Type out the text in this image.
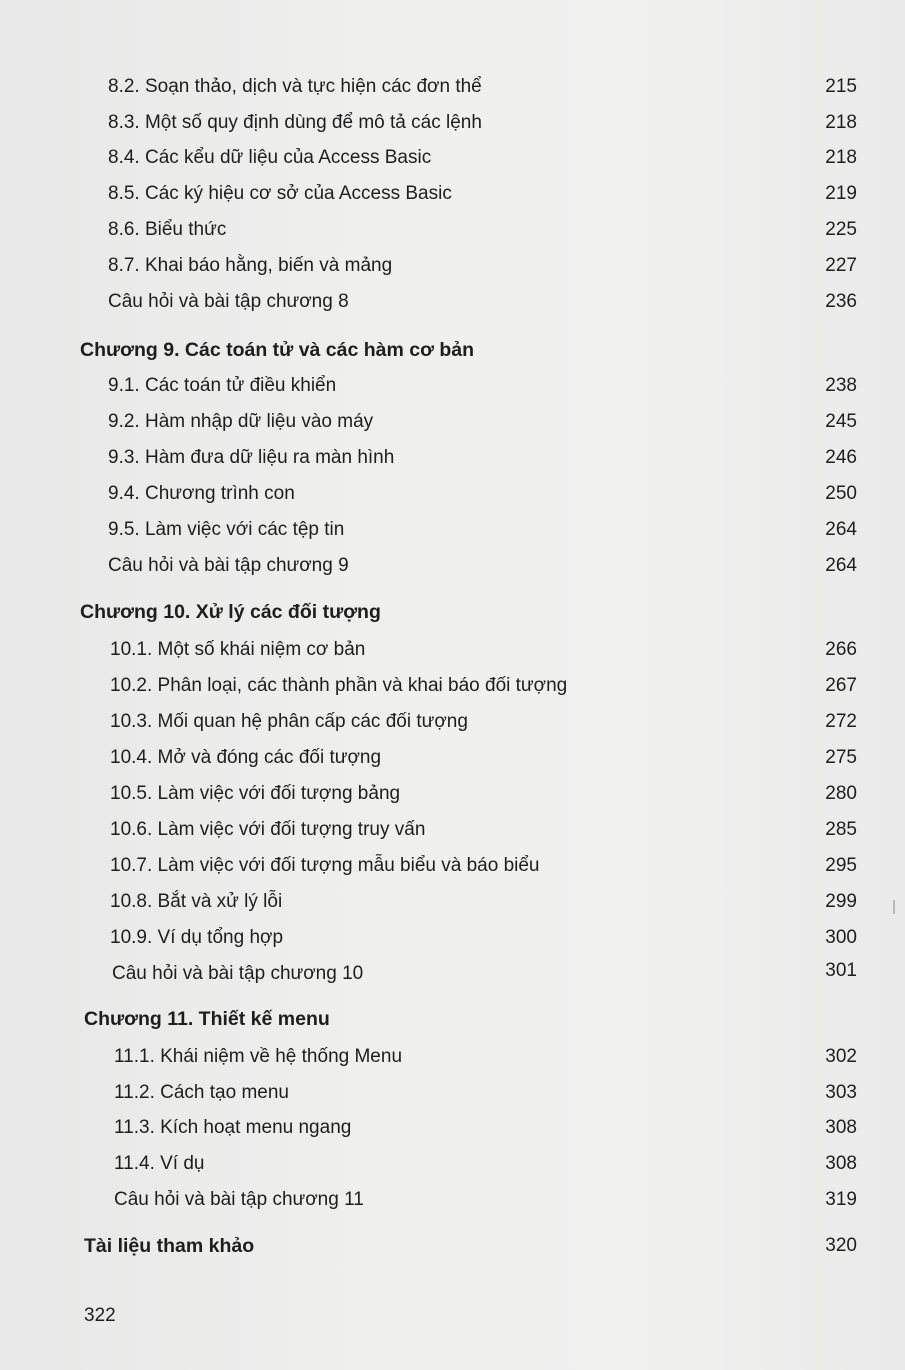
8.2. Soạn thảo, dịch và tực hiện các đơn thể	215
8.3. Một số quy định dùng để mô tả các lệnh	218
8.4. Các kểu dữ liệu của Access Basic	218
8.5. Các ký hiệu cơ sở của Access Basic	219
8.6. Biểu thức	225
8.7. Khai báo hằng, biến và mảng	227
Câu hỏi và bài tập chương 8	236
Chương 9. Các toán tử và các hàm cơ bản
9.1. Các toán tử điều khiển	238
9.2. Hàm nhập dữ liệu vào máy	245
9.3. Hàm đưa dữ liệu ra màn hình	246
9.4. Chương trình con	250
9.5. Làm việc với các tệp tin	264
Câu hỏi và bài tập chương 9	264
Chương 10. Xử lý các đối tượng
10.1. Một số khái niệm cơ bản	266
10.2. Phân loại, các thành phần và khai báo đối tượng	267
10.3. Mối quan hệ phân cấp các đối tượng	272
10.4. Mở và đóng các đối tượng	275
10.5. Làm việc với đối tượng bảng	280
10.6. Làm việc với đối tượng truy vấn	285
10.7. Làm việc với đối tượng mẫu biểu và báo biểu	295
10.8. Bắt và xử lý lỗi	299
10.9. Ví dụ tổng hợp	300
Câu hỏi và bài tập chương 10	301
Chương 11. Thiết kế menu
11.1. Khái niệm về hệ thống Menu	302
11.2. Cách tạo menu	303
11.3. Kích hoạt menu ngang	308
11.4. Ví dụ	308
Câu hỏi và bài tập chương 11	319
Tài liệu tham khảo	320
322
